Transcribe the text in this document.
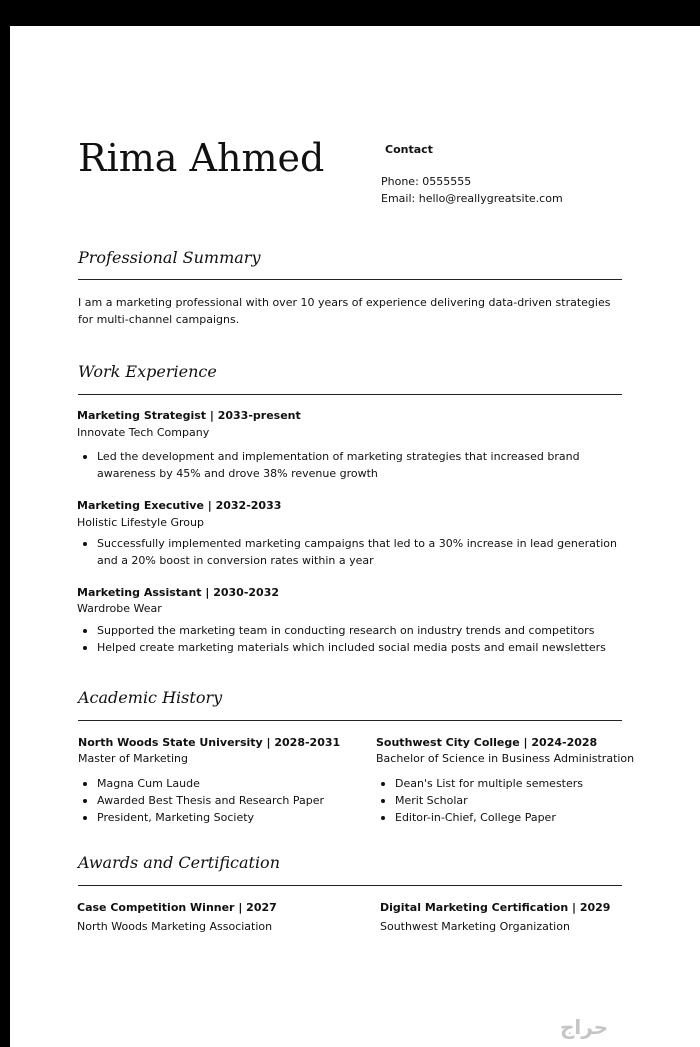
Rima Ahmed	Contact
Phone: 0555555
Email: hello@reallygreatsite.com
Professional Summary
I am a marketing professional with over 10 years of experience delivering data-driven strategies for multi-channel campaigns.
Work Experience
Marketing Strategist | 2033-present
Innovate Tech Company
Led the development and implementation of marketing strategies that increased brand awareness by 45% and drove 38% revenue growth
Marketing Executive | 2032-2033
Holistic Lifestyle Group
Successfully implemented marketing campaigns that led to a 30% increase in lead generation and a 20% boost in conversion rates within a year
Marketing Assistant | 2030-2032
Wardrobe Wear
Supported the marketing team in conducting research on industry trends and competitors
Helped create marketing materials which included social media posts and email newsletters
Academic History
North Woods State University | 2028-2031
Master of Marketing
Magna Cum Laude
Awarded Best Thesis and Research Paper
President, Marketing Society
Southwest City College | 2024-2028
Bachelor of Science in Business Administration
Dean's List for multiple semesters
Merit Scholar
Editor-in-Chief, College Paper
Awards and Certification
Case Competition Winner | 2027
North Woods Marketing Association
Digital Marketing Certification | 2029
Southwest Marketing Organization
حراج
